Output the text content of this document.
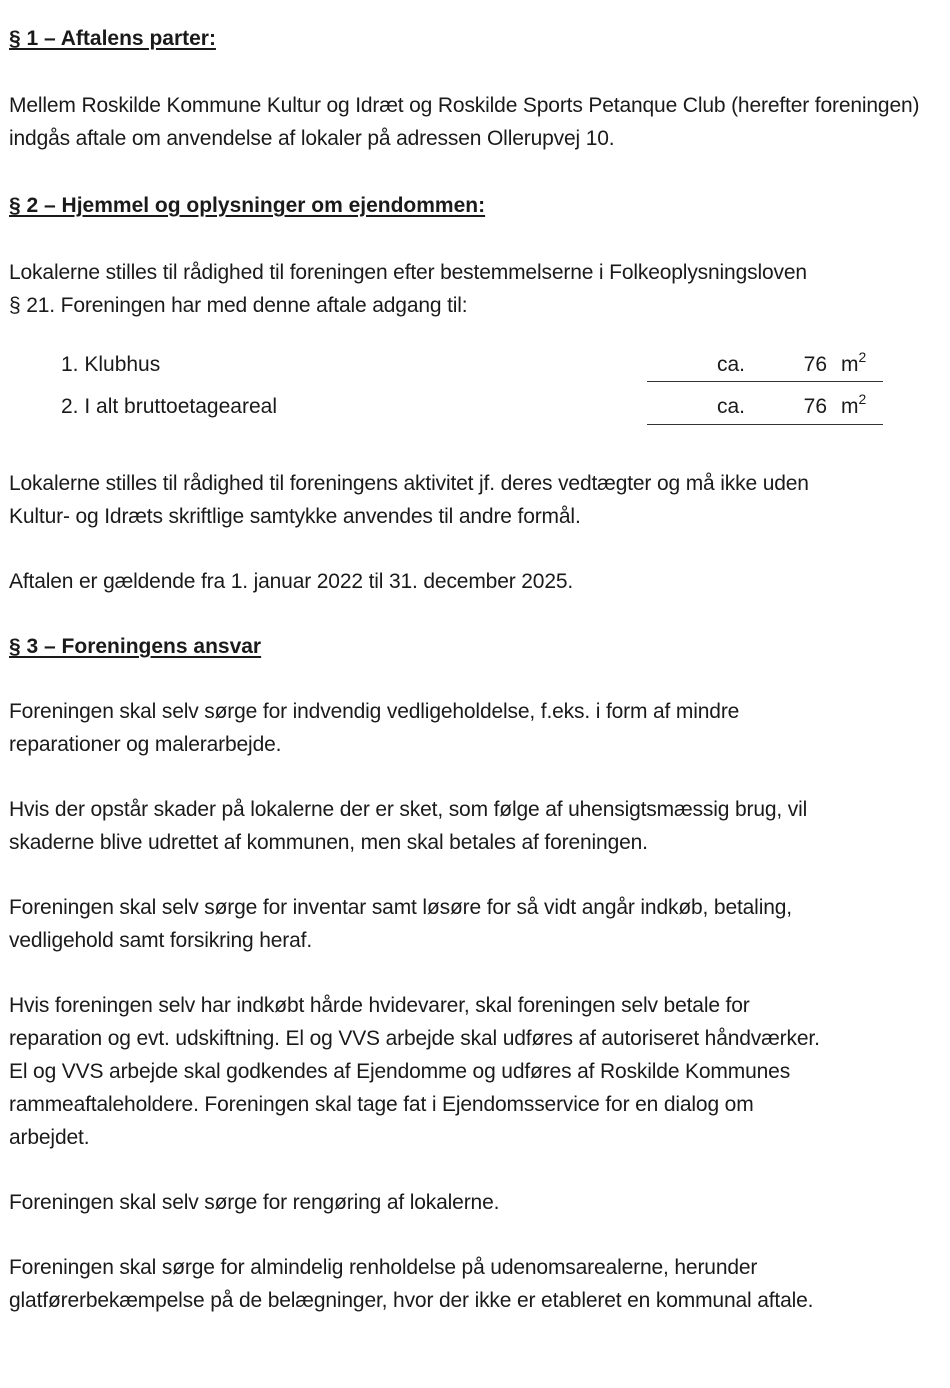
§ 1 – Aftalens parter:

Mellem Roskilde Kommune Kultur og Idræt og Roskilde Sports Petanque Club (herefter foreningen) indgås aftale om anvendelse af lokaler på adressen Ollerupvej 10.

§ 2 – Hjemmel og oplysninger om ejendommen:

Lokalerne stilles til rådighed til foreningen efter bestemmelserne i Folkeoplysningsloven

§ 21. Foreningen har med denne aftale adgang til:

1. Klubhus	ca.	76 $m^2$
2. I alt bruttoetageareal	ca.	76 $m^2$

Lokalerne stilles til rådighed til foreningens aktivitet jf. deres vedtægter og må ikke uden

Kultur- og Idræts skriftlige samtykke anvendes til andre formål.

Aftalen er gældende fra 1. januar 2022 til 31. december 2025.

§ 3 – Foreningens ansvar

Foreningen skal selv sørge for indvendig vedligeholdelse, f.eks. i form af mindre

reparationer og malerarbejde.

Hvis der opstår skader på lokalerne der er sket, som følge af uhensigtsmæssig brug, vil

skaderne blive udrettet af kommunen, men skal betales af foreningen.

Foreningen skal selv sørge for inventar samt løsøre for så vidt angår indkøb, betaling,

vedligehold samt forsikring heraf.

Hvis foreningen selv har indkøbt hårde hvidevarer, skal foreningen selv betale for

reparation og evt. udskiftning. El og VVS arbejde skal udføres af autoriseret håndværker.

El og VVS arbejde skal godkendes af Ejendomme og udføres af Roskilde Kommunes

rammeaftaleholdere. Foreningen skal tage fat i Ejendomsservice for en dialog om

arbejdet.

Foreningen skal selv sørge for rengøring af lokalerne.

Foreningen skal sørge for almindelig renholdelse på udenomsarealerne, herunder

glatførerbekæmpelse på de belægninger, hvor der ikke er etableret en kommunal aftale.
